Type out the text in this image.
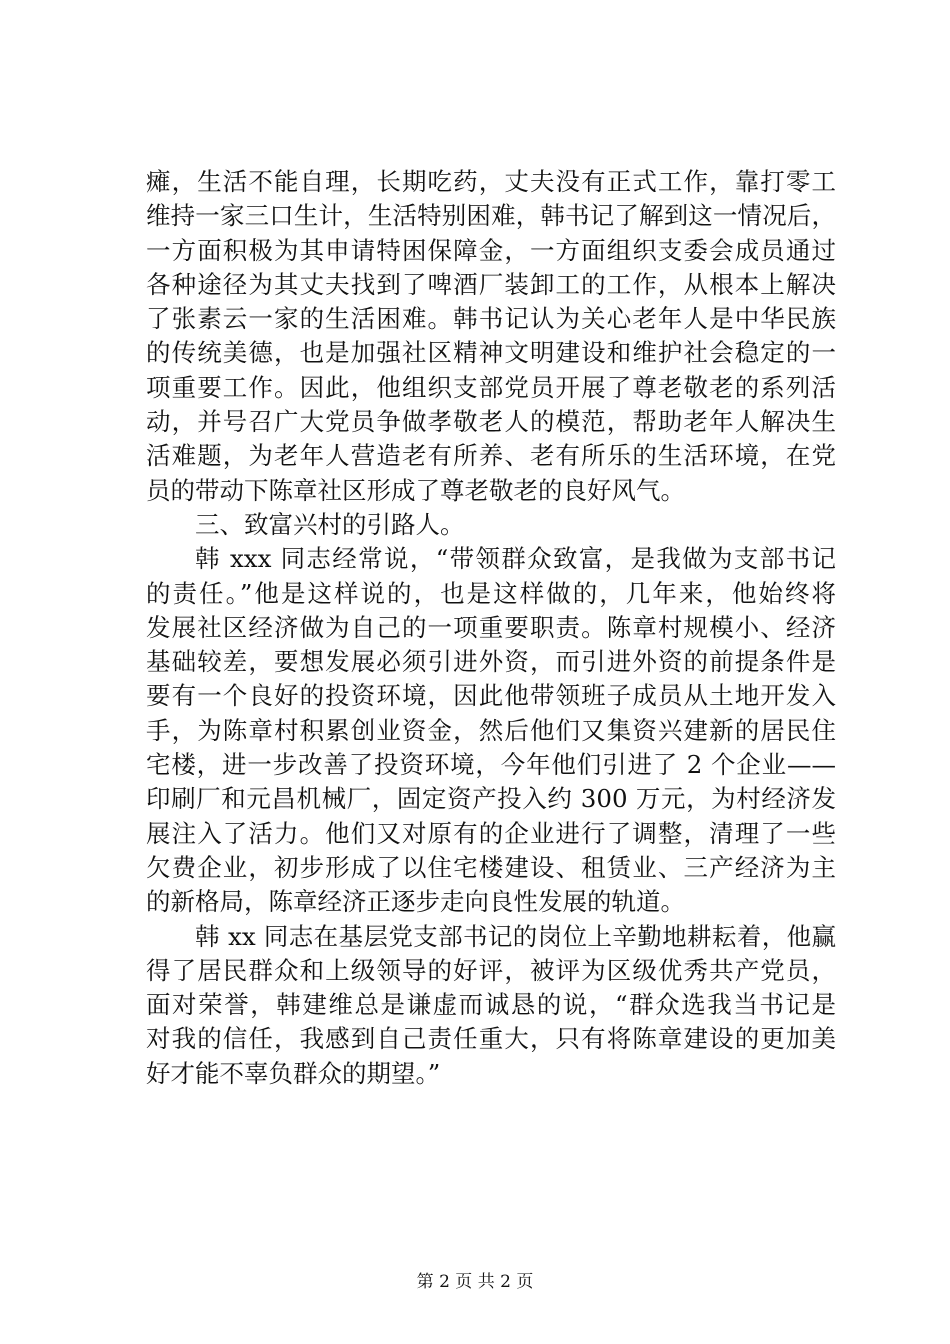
瘫，生活不能自理，长期吃药，丈夫没有正式工作，靠打零工
维持一家三口生计，生活特别困难，韩书记了解到这一情况后，
一方面积极为其申请特困保障金，一方面组织支委会成员通过
各种途径为其丈夫找到了啤酒厂装卸工的工作，从根本上解决
了张素云一家的生活困难。韩书记认为关心老年人是中华民族
的传统美德，也是加强社区精神文明建设和维护社会稳定的一
项重要工作。因此，他组织支部党员开展了尊老敬老的系列活
动，并号召广大党员争做孝敬老人的模范，帮助老年人解决生
活难题，为老年人营造老有所养、老有所乐的生活环境，在党
员的带动下陈章社区形成了尊老敬老的良好风气。
三、致富兴村的引路人。
韩 xxx 同志经常说，“带领群众致富，是我做为支部书记
的责任。”他是这样说的，也是这样做的，几年来，他始终将
发展社区经济做为自己的一项重要职责。陈章村规模小、经济
基础较差，要想发展必须引进外资，而引进外资的前提条件是
要有一个良好的投资环境，因此他带领班子成员从土地开发入
手，为陈章村积累创业资金，然后他们又集资兴建新的居民住
宅楼，进一步改善了投资环境，今年他们引进了 2 个企业——
印刷厂和元昌机械厂，固定资产投入约 300 万元，为村经济发
展注入了活力。他们又对原有的企业进行了调整，清理了一些
欠费企业，初步形成了以住宅楼建设、租赁业、三产经济为主
的新格局，陈章经济正逐步走向良性发展的轨道。
韩 xx 同志在基层党支部书记的岗位上辛勤地耕耘着，他赢
得了居民群众和上级领导的好评，被评为区级优秀共产党员，
面对荣誉，韩建维总是谦虚而诚恳的说，“群众选我当书记是
对我的信任，我感到自己责任重大，只有将陈章建设的更加美
好才能不辜负群众的期望。”
第 2 页 共 2 页
